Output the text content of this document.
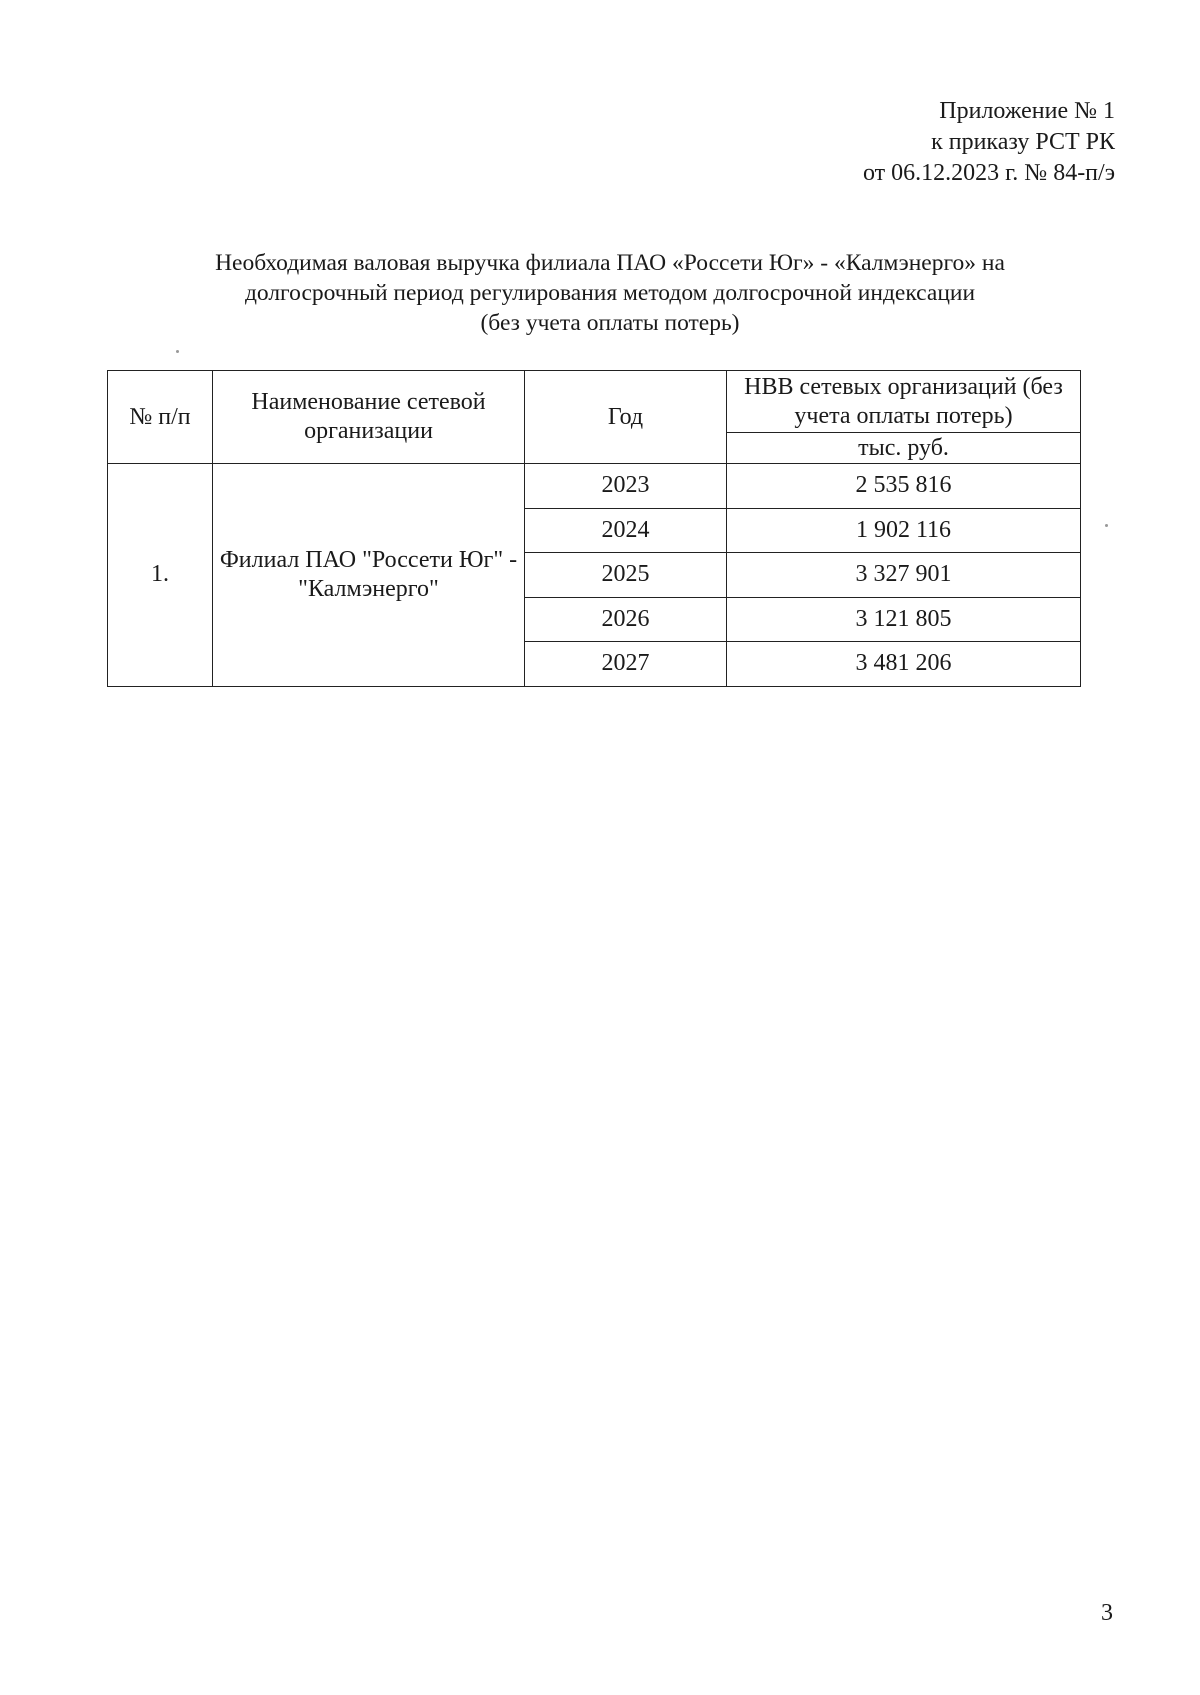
Приложение № 1
к приказу РСТ РК
от 06.12.2023 г. № 84-п/э
Необходимая валовая выручка филиала ПАО «Россети Юг» - «Калмэнерго» на
долгосрочный период регулирования методом долгосрочной индексации
(без учета оплаты потерь)
№ п/п	Наименование сетевой организации	Год	НВВ сетевых организаций (без учета оплаты потерь)
			тыс. руб.
1.	Филиал ПАО "Россети Юг" - "Калмэнерго"	2023	2 535 816
		2024	1 902 116
		2025	3 327 901
		2026	3 121 805
		2027	3 481 206
3
